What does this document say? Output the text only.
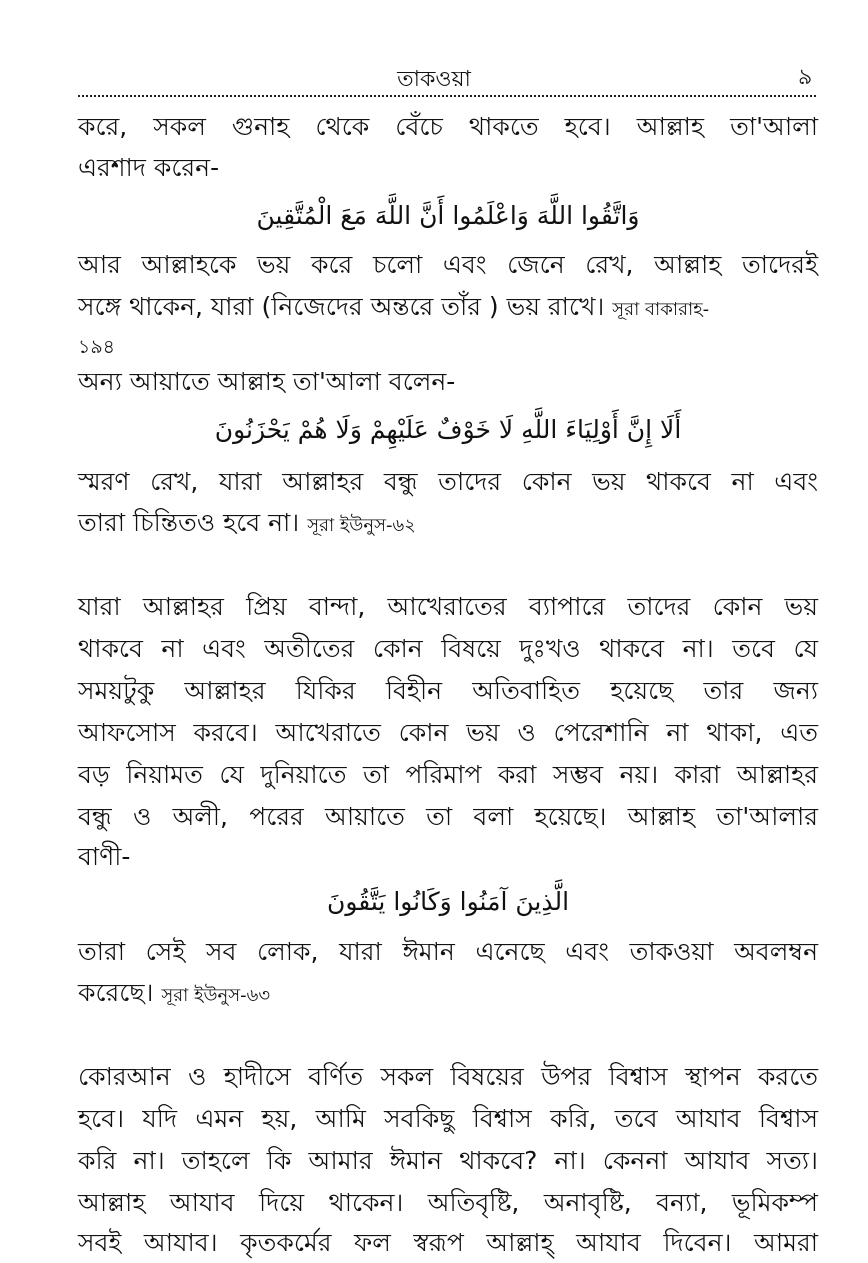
তাকওয়া	৯
করে, সকল গুনাহ থেকে বেঁচে থাকতে হবে। আল্লাহ তা'আলা
এরশাদ করেন-
وَاتَّقُوا اللَّهَ وَاعْلَمُوا أَنَّ اللَّهَ مَعَ الْمُتَّقِينَ
আর আল্লাহকে ভয় করে চলো এবং জেনে রেখ, আল্লাহ তাদেরই
সঙ্গে থাকেন, যারা (নিজেদের অন্তরে তাঁর ) ভয় রাখে। সূরা বাকারাহ-
১৯৪
অন্য আয়াতে আল্লাহ তা'আলা বলেন-
أَلَا إِنَّ أَوْلِيَاءَ اللَّهِ لَا خَوْفٌ عَلَيْهِمْ وَلَا هُمْ يَحْزَنُونَ
স্মরণ রেখ, যারা আল্লাহর বন্ধু তাদের কোন ভয় থাকবে না এবং
তারা চিন্তিতও হবে না। সূরা ইউনুস-৬২
যারা আল্লাহর প্রিয় বান্দা, আখেরাতের ব্যাপারে তাদের কোন ভয়
থাকবে না এবং অতীতের কোন বিষয়ে দুঃখও থাকবে না। তবে যে
সময়টুকু আল্লাহর যিকির বিহীন অতিবাহিত হয়েছে তার জন্য
আফসোস করবে। আখেরাতে কোন ভয় ও পেরেশানি না থাকা, এত
বড় নিয়ামত যে দুনিয়াতে তা পরিমাপ করা সম্ভব নয়। কারা আল্লাহর
বন্ধু ও অলী, পরের আয়াতে তা বলা হয়েছে। আল্লাহ তা'আলার
বাণী-
الَّذِينَ آمَنُوا وَكَانُوا يَتَّقُونَ
তারা সেই সব লোক, যারা ঈমান এনেছে এবং তাকওয়া অবলম্বন
করেছে। সূরা ইউনুস-৬৩
কোরআন ও হাদীসে বর্ণিত সকল বিষয়ের উপর বিশ্বাস স্থাপন করতে
হবে। যদি এমন হয়, আমি সবকিছু বিশ্বাস করি, তবে আযাব বিশ্বাস
করি না। তাহলে কি আমার ঈমান থাকবে? না। কেননা আযাব সত্য।
আল্লাহ আযাব দিয়ে থাকেন। অতিবৃষ্টি, অনাবৃষ্টি, বন্যা, ভূমিকম্প
সবই আযাব। কৃতকর্মের ফল স্বরূপ আল্লাহ্ আযাব দিবেন। আমরা
